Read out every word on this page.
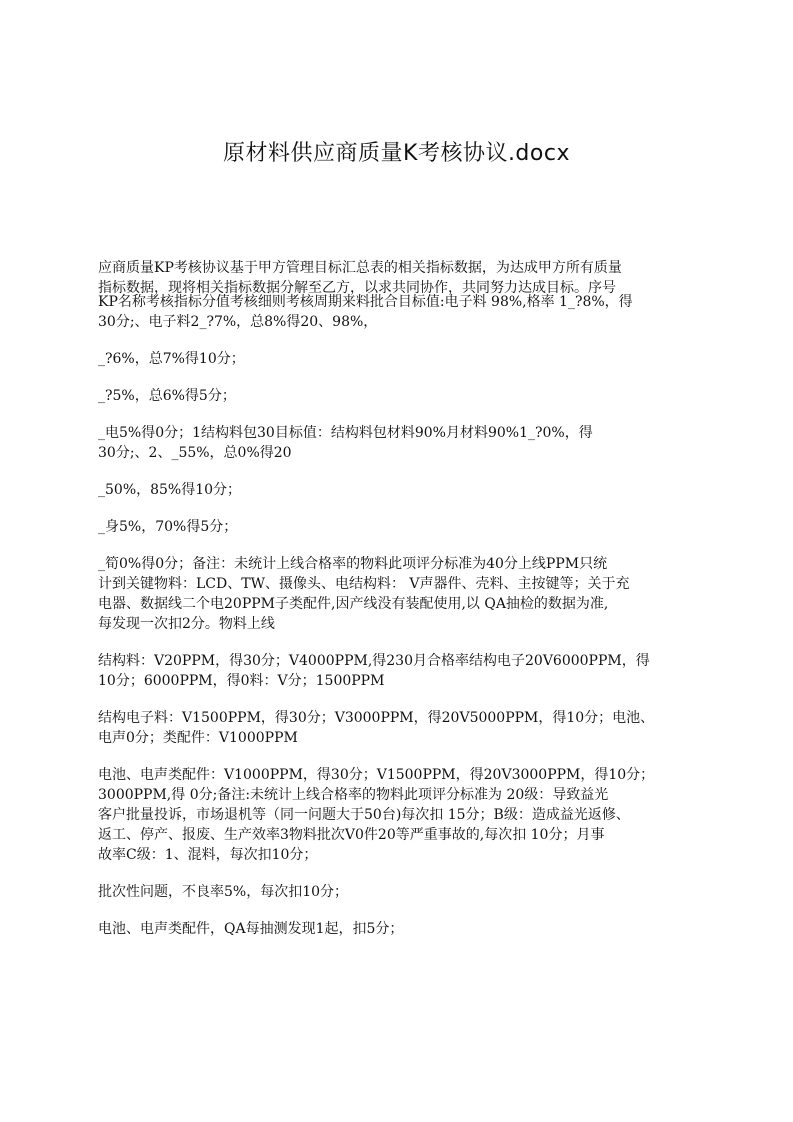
原材料供应商质量K考核协议.docx
应商质量KP考核协议基于甲方管理目标汇总表的相关指标数据，为达成甲方所有质量
指标数据，现将相关指标数据分解至乙方，以求共同协作，共同努力达成目标。序号
KP名称考核指标分值考核细则考核周期来料批合目标值:电子料 98%,格率 1_?8%，得
30分;、电子料2_?7%，总8%得20、98%，
_?6%，总7%得10分；
_?5%，总6%得5分；
_电5%得0分；1结构料包30目标值：结构料包材料90%月材料90%1_?0%，得
30分;、2、_55%，总0%得20
_50%，85%得10分；
_身5%，70%得5分；
_筍0%得0分；备注：未统计上线合格率的物料此项评分标准为40分上线PPM只统
计到关键物料：LCD、TW、摄像头、电结构料： V声器件、壳料、主按键等；关于充
电器、数据线二个电20PPM子类配件,因产线没有装配使用,以 QA抽检的数据为准,
每发现一次扣2分。物料上线
结构料：V20PPM，得30分；V4000PPM,得230月合格率结构电子20V6000PPM，得
10分；6000PPM，得0料：V分；1500PPM
结构电子料：V1500PPM，得30分；V3000PPM，得20V5000PPM，得10分；电池、
电声0分；类配件：V1000PPM
电池、电声类配件：V1000PPM，得30分；V1500PPM，得20V3000PPM，得10分；
3000PPM,得 0分;备注:未统计上线合格率的物料此项评分标准为 20级：导致益光
客户批量投诉，市场退机等（同一问题大于50台)每次扣 15分；B级：造成益光返修、
返工、停产、报废、生产效率3物料批次V0件20等严重事故的,每次扣 10分；月事
故率C级：1、混料，每次扣10分；
批次性问题，不良率5%，每次扣10分；
电池、电声类配件，QA每抽测发现1起，扣5分；
